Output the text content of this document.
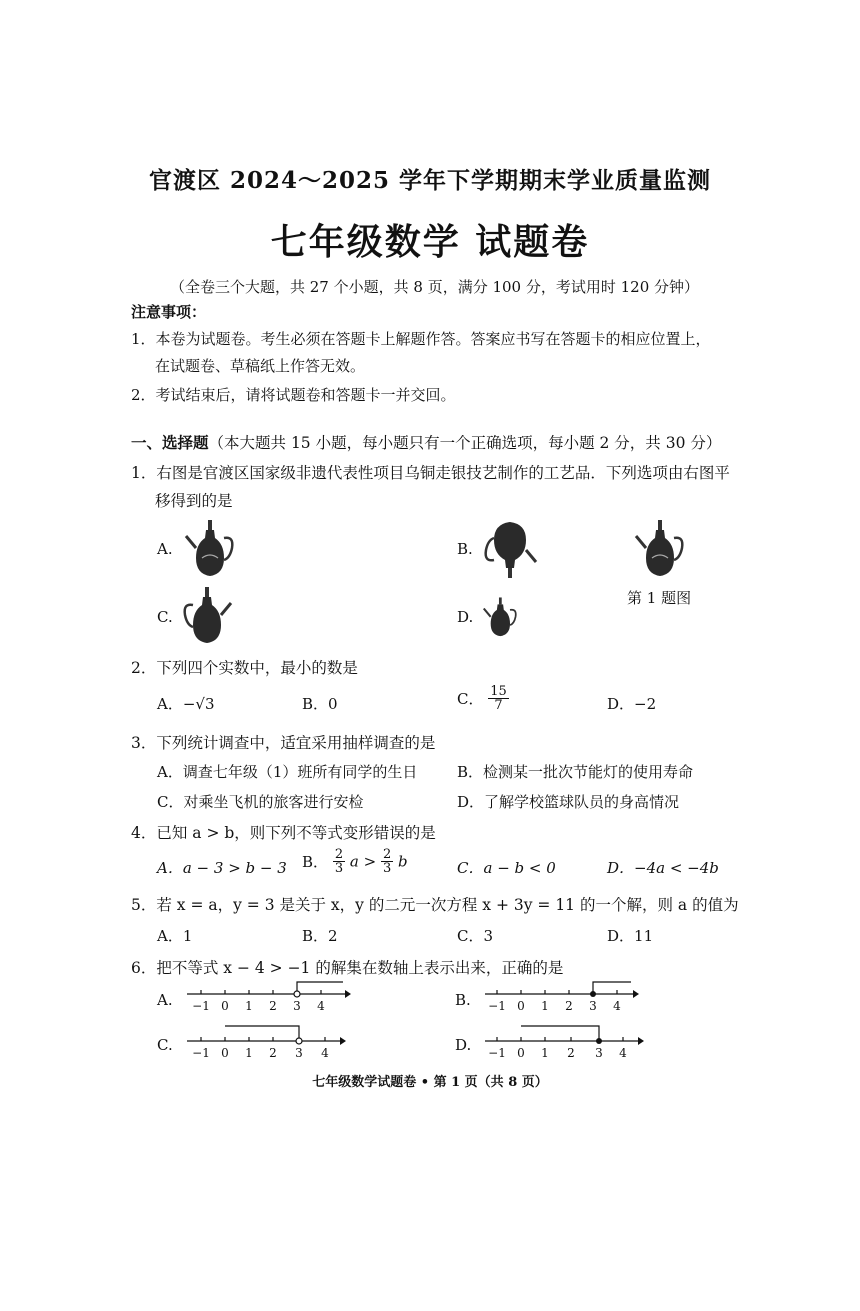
官渡区 2024～2025 学年下学期期末学业质量监测
七年级数学 试题卷
（全卷三个大题，共 27 个小题，共 8 页，满分 100 分，考试用时 120 分钟）
注意事项：
1．本卷为试题卷。考生必须在答题卡上解题作答。答案应书写在答题卡的相应位置上，
在试题卷、草稿纸上作答无效。
2．考试结束后，请将试题卷和答题卡一并交回。
一、选择题（本大题共 15 小题，每小题只有一个正确选项，每小题 2 分，共 30 分）
1．右图是官渡区国家级非遗代表性项目乌铜走银技艺制作的工艺品．下列选项由右图平
移得到的是
A.	B.
第 1 题图
C.	D.
2．下列四个实数中，最小的数是
A．−√3	B．0	C． $\frac{15}{7}$	D．−2
3．下列统计调查中，适宜采用抽样调查的是
A．调查七年级（1）班所有同学的生日	B．检测某一批次节能灯的使用寿命
C．对乘坐飞机的旅客进行安检	D．了解学校篮球队员的身高情况
4．已知 a > b，则下列不等式变形错误的是
A．a − 3 > b − 3 B． $\frac{2}{3}$ $a > \frac{2}{3}$ b	C．a − b < 0	D．−4a < −4b
5．若 x = a，y = 3 是关于 x，y 的二元一次方程 x + 3y = 11 的一个解，则 a 的值为
A．1	B．2	C．3	D．11
6．把不等式 x − 4 > −1 的解集在数轴上表示出来，正确的是
A. −1 0 1 2 3 4	B. −1 0 1 2 3 4
C. −1 0 1 2 3 4	D. −1 0 1 2 3 4
七年级数学试题卷 • 第 1 页（共 8 页）
